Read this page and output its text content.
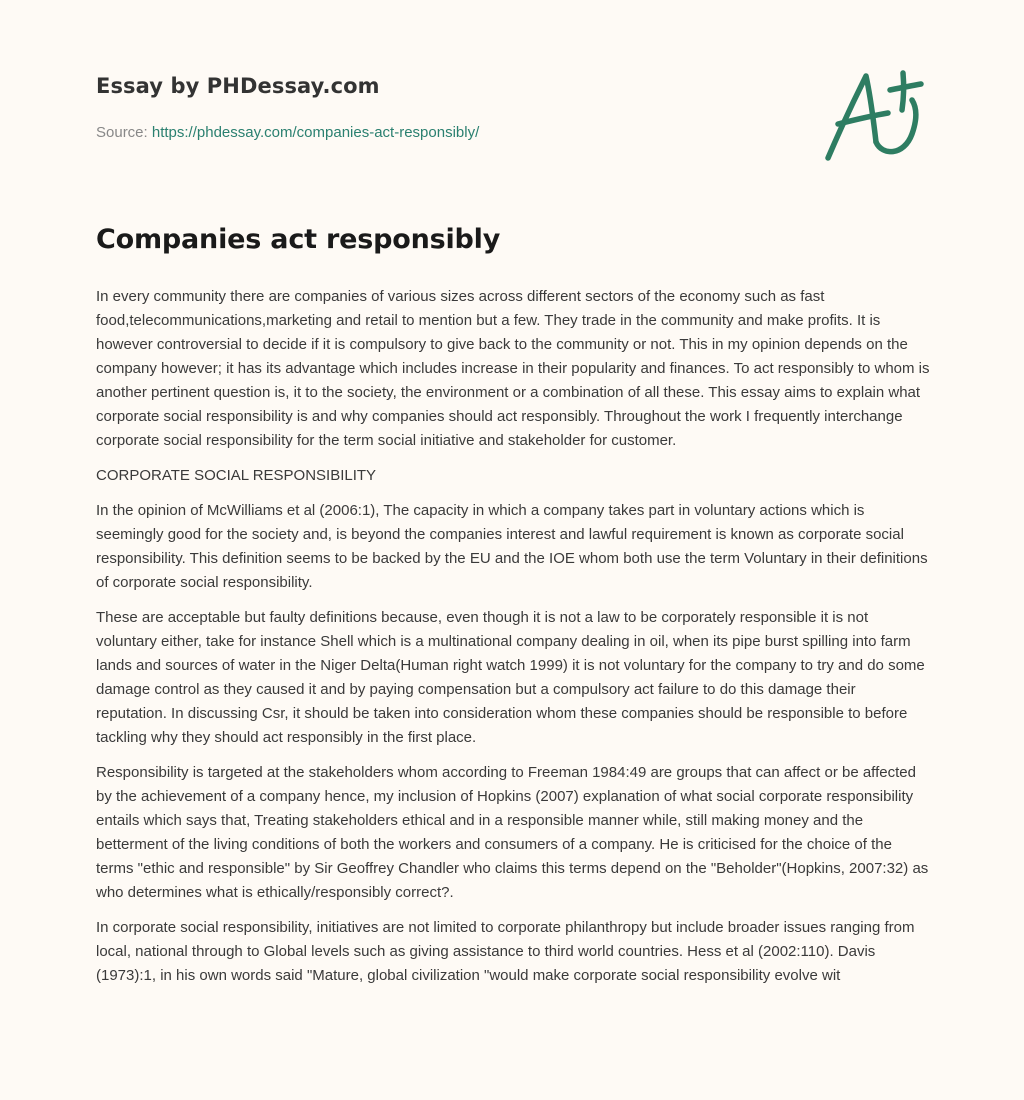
Essay by PHDessay.com
Source: https://phdessay.com/companies-act-responsibly/
Companies act responsibly

In every community there are companies of various sizes across different sectors of the economy such as fast food,telecommunications,marketing and retail to mention but a few. They trade in the community and make profits. It is however controversial to decide if it is compulsory to give back to the community or not. This in my opinion depends on the company however; it has its advantage which includes increase in their popularity and finances. To act responsibly to whom is another pertinent question is, it to the society, the environment or a combination of all these. This essay aims to explain what corporate social responsibility is and why companies should act responsibly. Throughout the work I frequently interchange corporate social responsibility for the term social initiative and stakeholder for customer.

CORPORATE SOCIAL RESPONSIBILITY

In the opinion of McWilliams et al (2006:1), The capacity in which a company takes part in voluntary actions which is seemingly good for the society and, is beyond the companies interest and lawful requirement is known as corporate social responsibility. This definition seems to be backed by the EU and the IOE whom both use the term Voluntary in their definitions of corporate social responsibility.

These are acceptable but faulty definitions because, even though it is not a law to be corporately responsible it is not voluntary either, take for instance Shell which is a multinational company dealing in oil, when its pipe burst spilling into farm lands and sources of water in the Niger Delta(Human right watch 1999) it is not voluntary for the company to try and do some damage control as they caused it and by paying compensation but a compulsory act failure to do this damage their reputation. In discussing Csr, it should be taken into consideration whom these companies should be responsible to before tackling why they should act responsibly in the first place.

Responsibility is targeted at the stakeholders whom according to Freeman 1984:49 are groups that can affect or be affected by the achievement of a company hence, my inclusion of Hopkins (2007) explanation of what social corporate responsibility entails which says that, Treating stakeholders ethical and in a responsible manner while, still making money and the betterment of the living conditions of both the workers and consumers of a company. He is criticised for the choice of the terms "ethic and responsible" by Sir Geoffrey Chandler who claims this terms depend on the "Beholder"(Hopkins, 2007:32) as who determines what is ethically/responsibly correct?.

In corporate social responsibility, initiatives are not limited to corporate philanthropy but include broader issues ranging from local, national through to Global levels such as giving assistance to third world countries. Hess et al (2002:110). Davis (1973):1, in his own words said "Mature, global civilization "would make corporate social responsibility evolve wit
